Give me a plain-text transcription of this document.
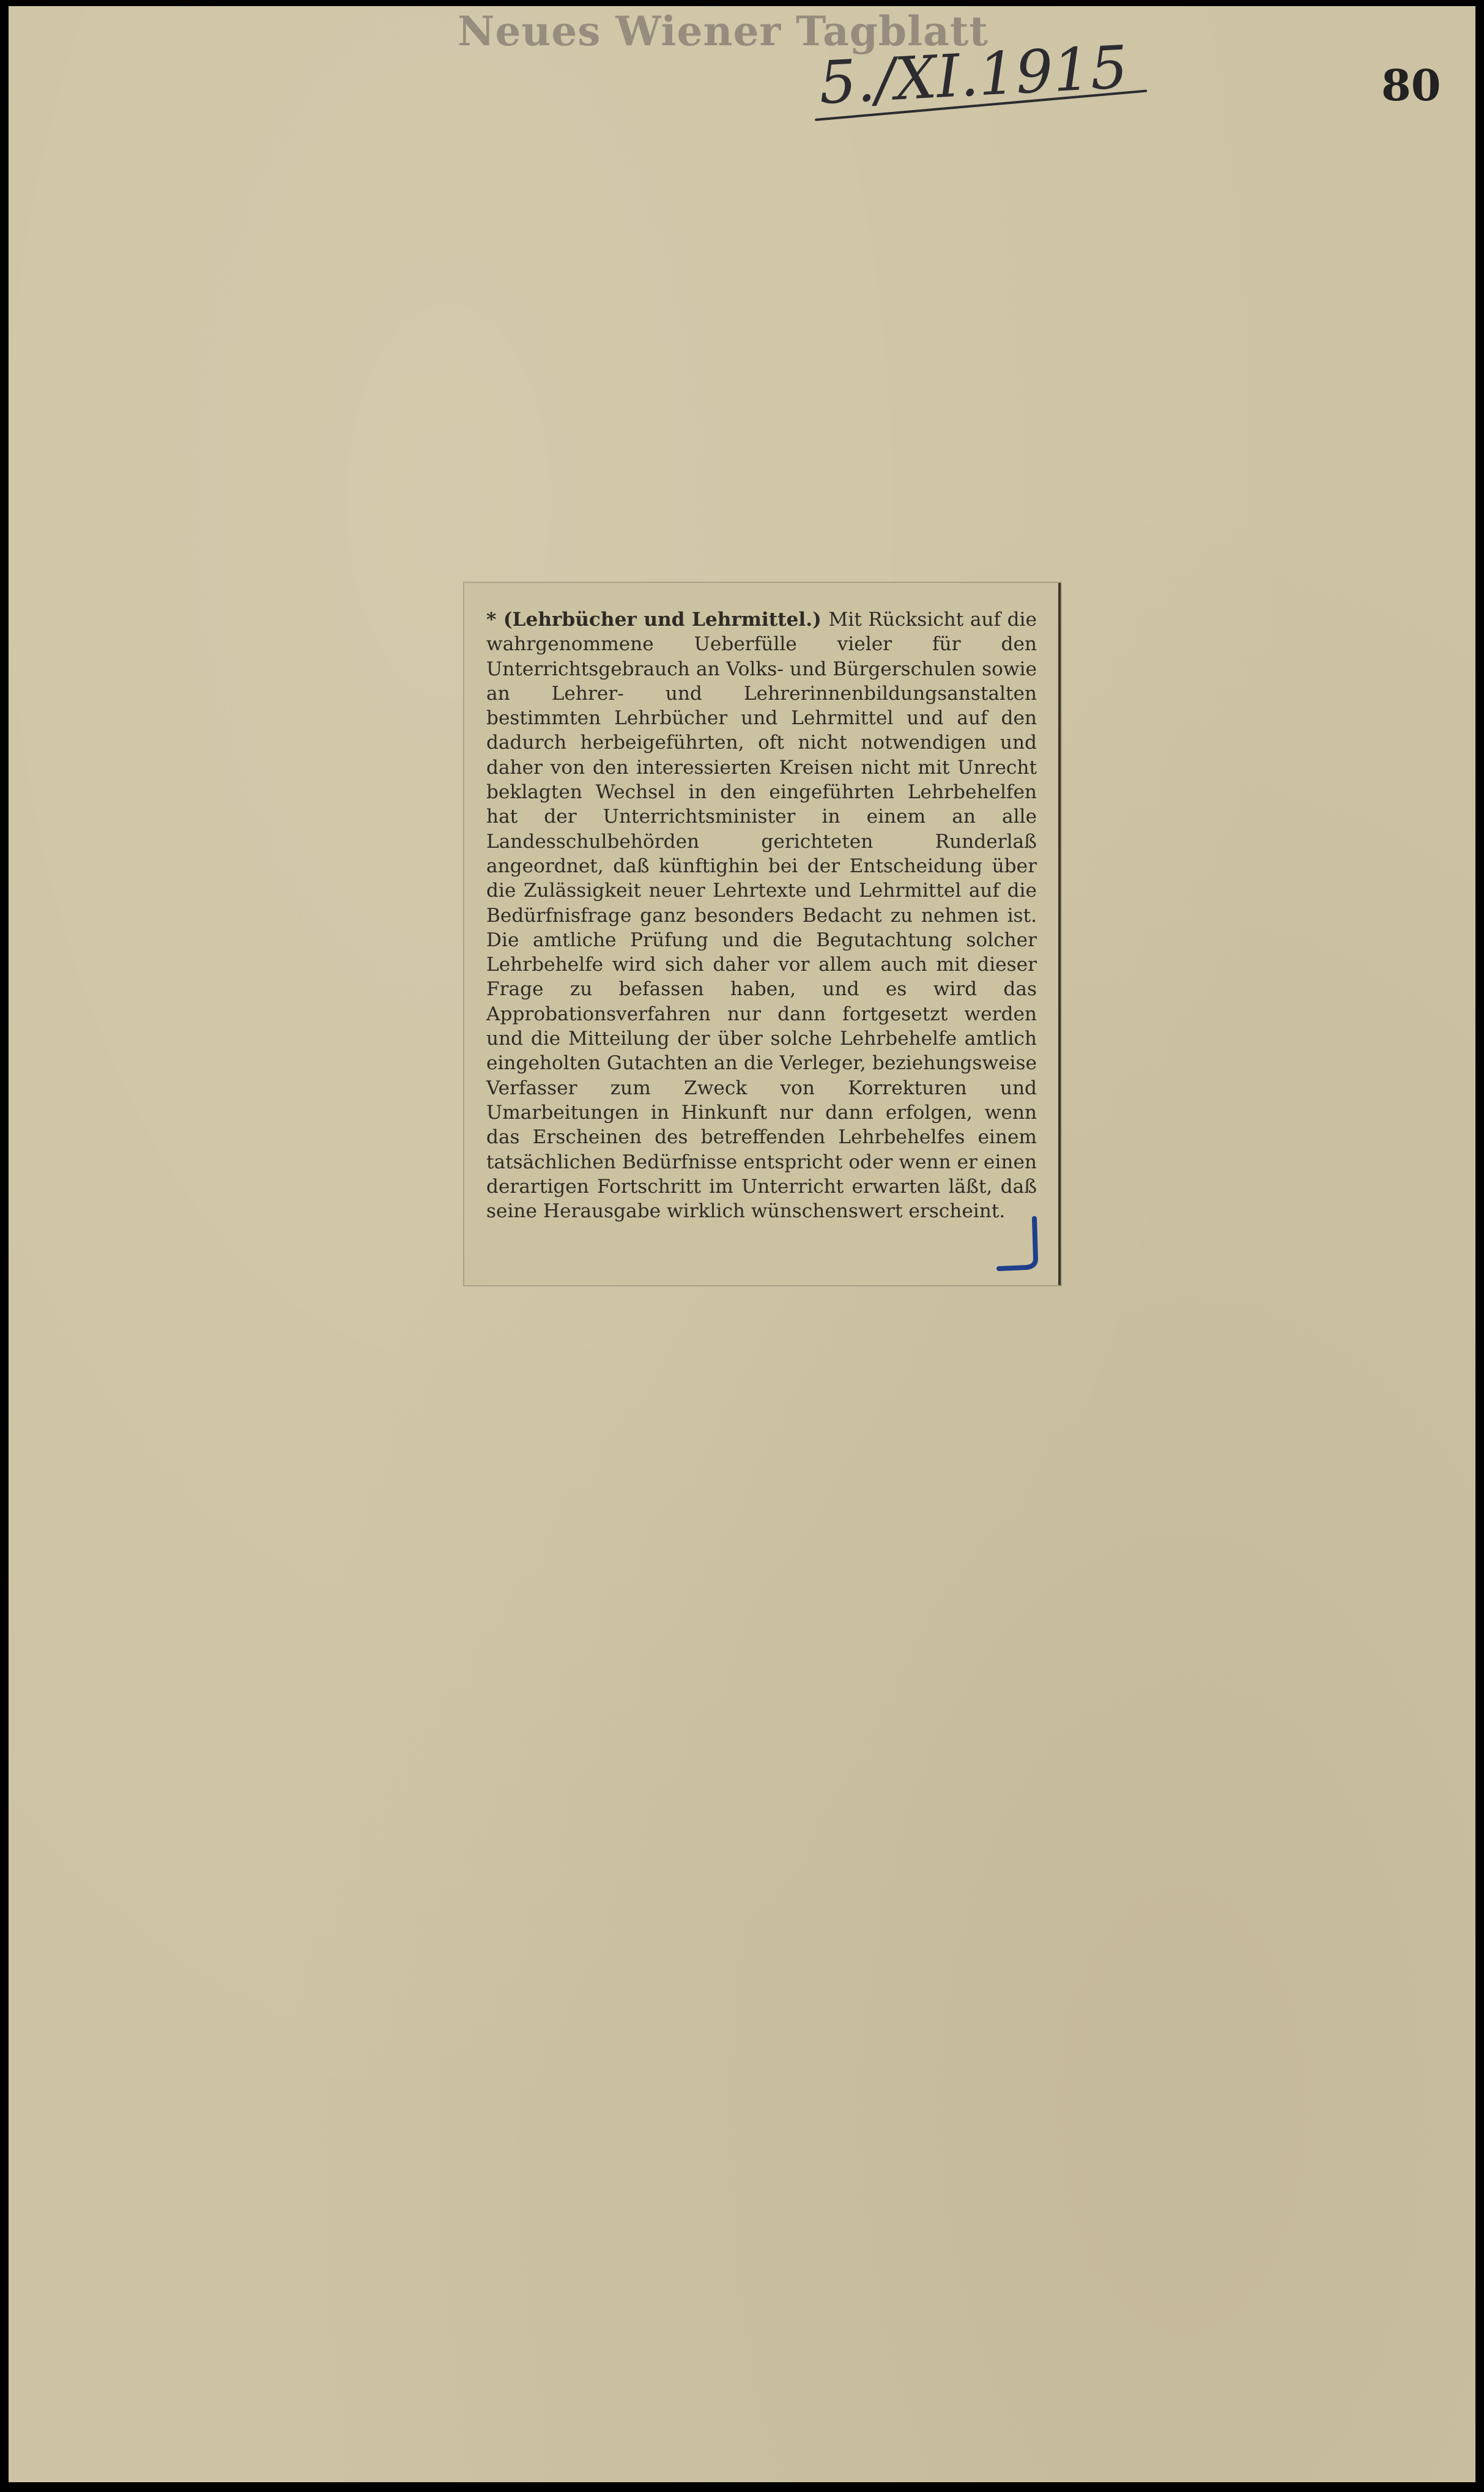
Neues Wiener Tagblatt
5./XI.1915	80
* (Lehrbücher und Lehrmittel.) Mit Rücksicht auf die wahrgenommene Ueberfülle vieler für den Unterrichtsgebrauch an Volks- und Bürgerschulen sowie an Lehrer- und Lehrerinnenbildungsanstalten bestimmten Lehrbücher und Lehrmittel und auf den dadurch herbeigeführten, oft nicht notwendigen und daher von den interessierten Kreisen nicht mit Unrecht beklagten Wechsel in den eingeführten Lehrbehelfen hat der Unterrichtsminister in einem an alle Landesschulbehörden gerichteten Runderlaß angeordnet, daß künftighin bei der Entscheidung über die Zulässigkeit neuer Lehrtexte und Lehrmittel auf die Bedürfnisfrage ganz besonders Bedacht zu nehmen ist. Die amtliche Prüfung und die Begutachtung solcher Lehrbehelfe wird sich daher vor allem auch mit dieser Frage zu befassen haben, und es wird das Approbationsverfahren nur dann fortgesetzt werden und die Mitteilung der über solche Lehrbehelfe amtlich eingeholten Gutachten an die Verleger, beziehungsweise Verfasser zum Zweck von Korrekturen und Umarbeitungen in Hinkunft nur dann erfolgen, wenn das Erscheinen des betreffenden Lehrbehelfes einem tatsächlichen Bedürfnisse entspricht oder wenn er einen derartigen Fortschritt im Unterricht erwarten läßt, daß seine Herausgabe wirklich wünschenswert erscheint.
